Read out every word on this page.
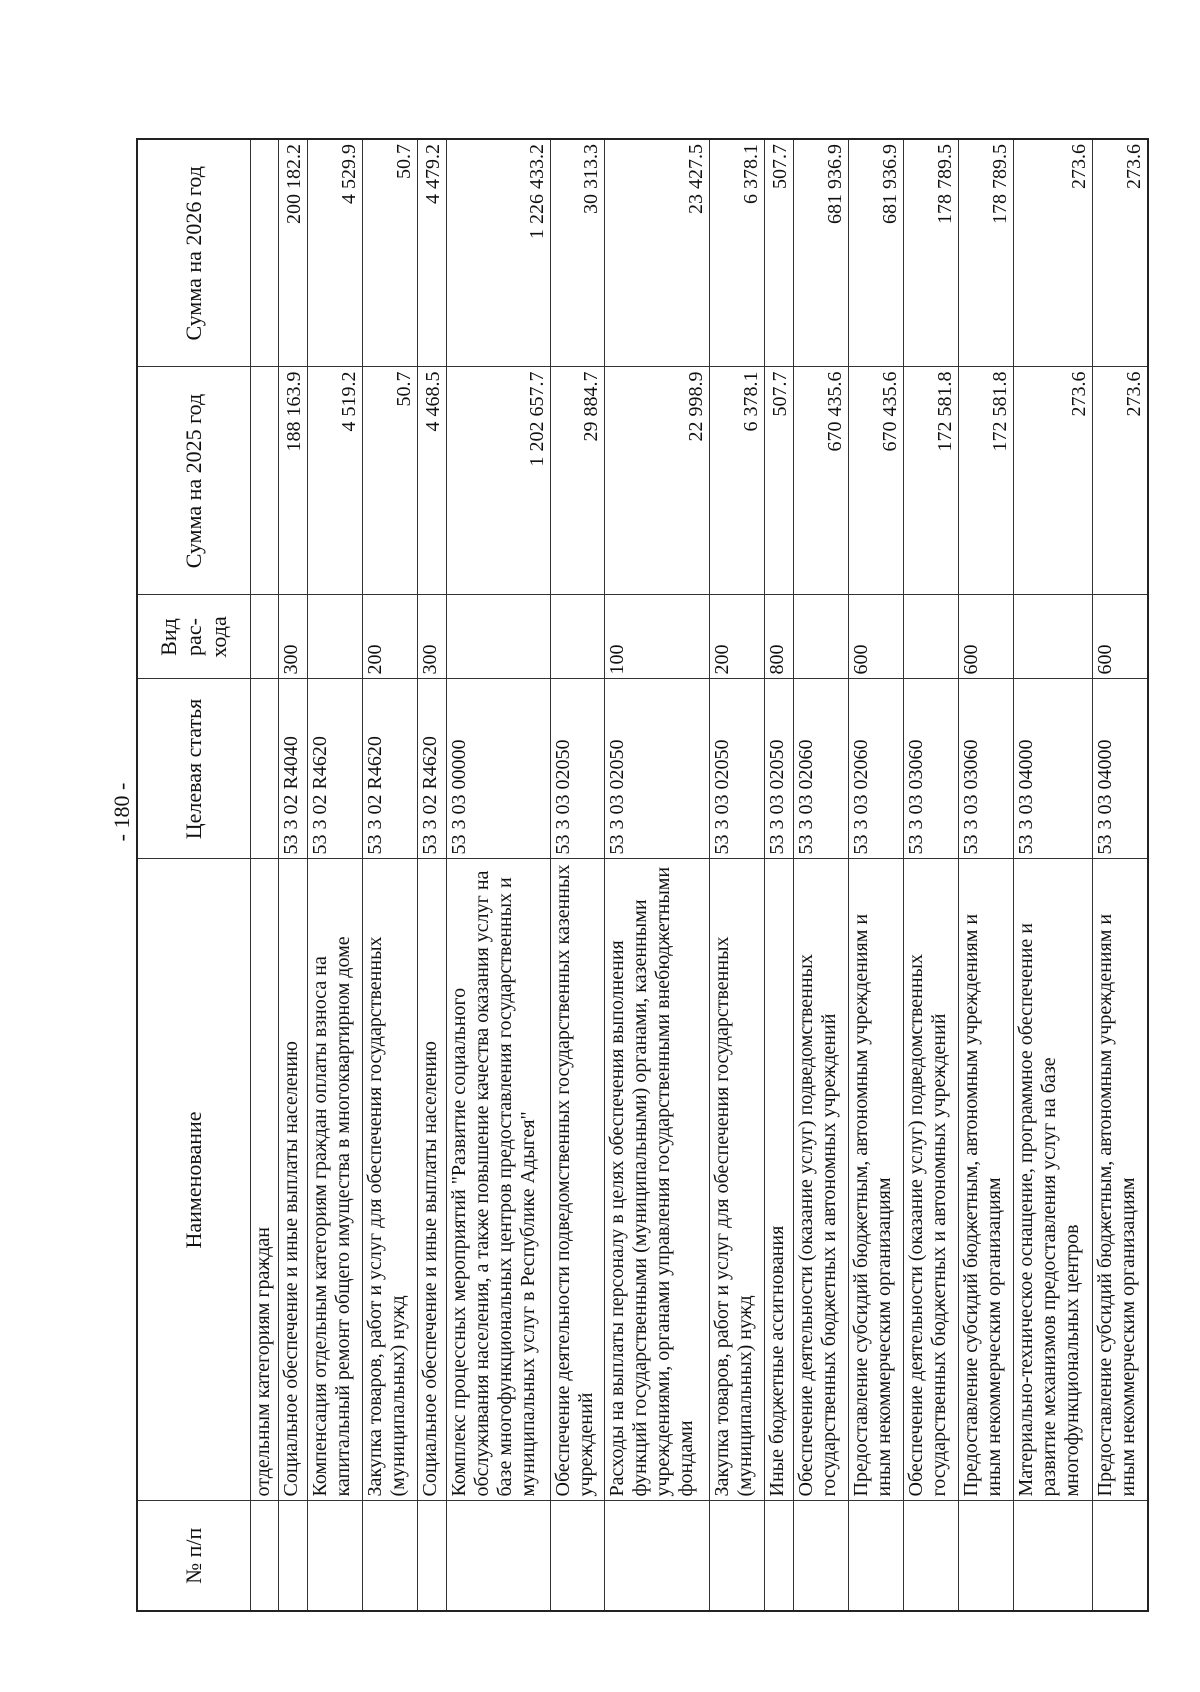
- 180 -
№ п/п	Наименование	Целевая статья	Вид рас- хода	Сумма на 2025 год	Сумма на 2026 год
	отдельным категориям граждан				
	Социальное обеспечение и иные выплаты населению	53 3 02 R4040	300	188 163.9	200 182.2
	Компенсация отдельным категориям граждан оплаты взноса на капитальный ремонт общего имущества в многоквартирном доме	53 3 02 R4620		4 519.2	4 529.9
	Закупка товаров, работ и услуг для обеспечения государственных (муниципальных) нужд	53 3 02 R4620	200	50.7	50.7
	Социальное обеспечение и иные выплаты населению	53 3 02 R4620	300	4 468.5	4 479.2
	Комплекс процессных мероприятий "Развитие социального обслуживания населения, а также повышение качества оказания услуг на базе многофункциональных центров предоставления государственных и муниципальных услуг в Республике Адыгея"	53 3 03 00000		1 202 657.7	1 226 433.2
	Обеспечение деятельности подведомственных государственных казенных учреждений	53 3 03 02050		29 884.7	30 313.3
	Расходы на выплаты персоналу в целях обеспечения выполнения функций государственными (муниципальными) органами, казенными учреждениями, органами управления государственными внебюджетными фондами	53 3 03 02050	100	22 998.9	23 427.5
	Закупка товаров, работ и услуг для обеспечения государственных (муниципальных) нужд	53 3 03 02050	200	6 378.1	6 378.1
	Иные бюджетные ассигнования	53 3 03 02050	800	507.7	507.7
	Обеспечение деятельности (оказание услуг) подведомственных государственных бюджетных и автономных учреждений	53 3 03 02060		670 435.6	681 936.9
	Предоставление субсидий бюджетным, автономным учреждениям и иным некоммерческим организациям	53 3 03 02060	600	670 435.6	681 936.9
	Обеспечение деятельности (оказание услуг) подведомственных государственных бюджетных и автономных учреждений	53 3 03 03060		172 581.8	178 789.5
	Предоставление субсидий бюджетным, автономным учреждениям и иным некоммерческим организациям	53 3 03 03060	600	172 581.8	178 789.5
	Материально-техническое оснащение, программное обеспечение и развитие механизмов предоставления услуг на базе многофункциональных центров	53 3 03 04000		273.6	273.6
	Предоставление субсидий бюджетным, автономным учреждениям и иным некоммерческим организациям	53 3 03 04000	600	273.6	273.6
